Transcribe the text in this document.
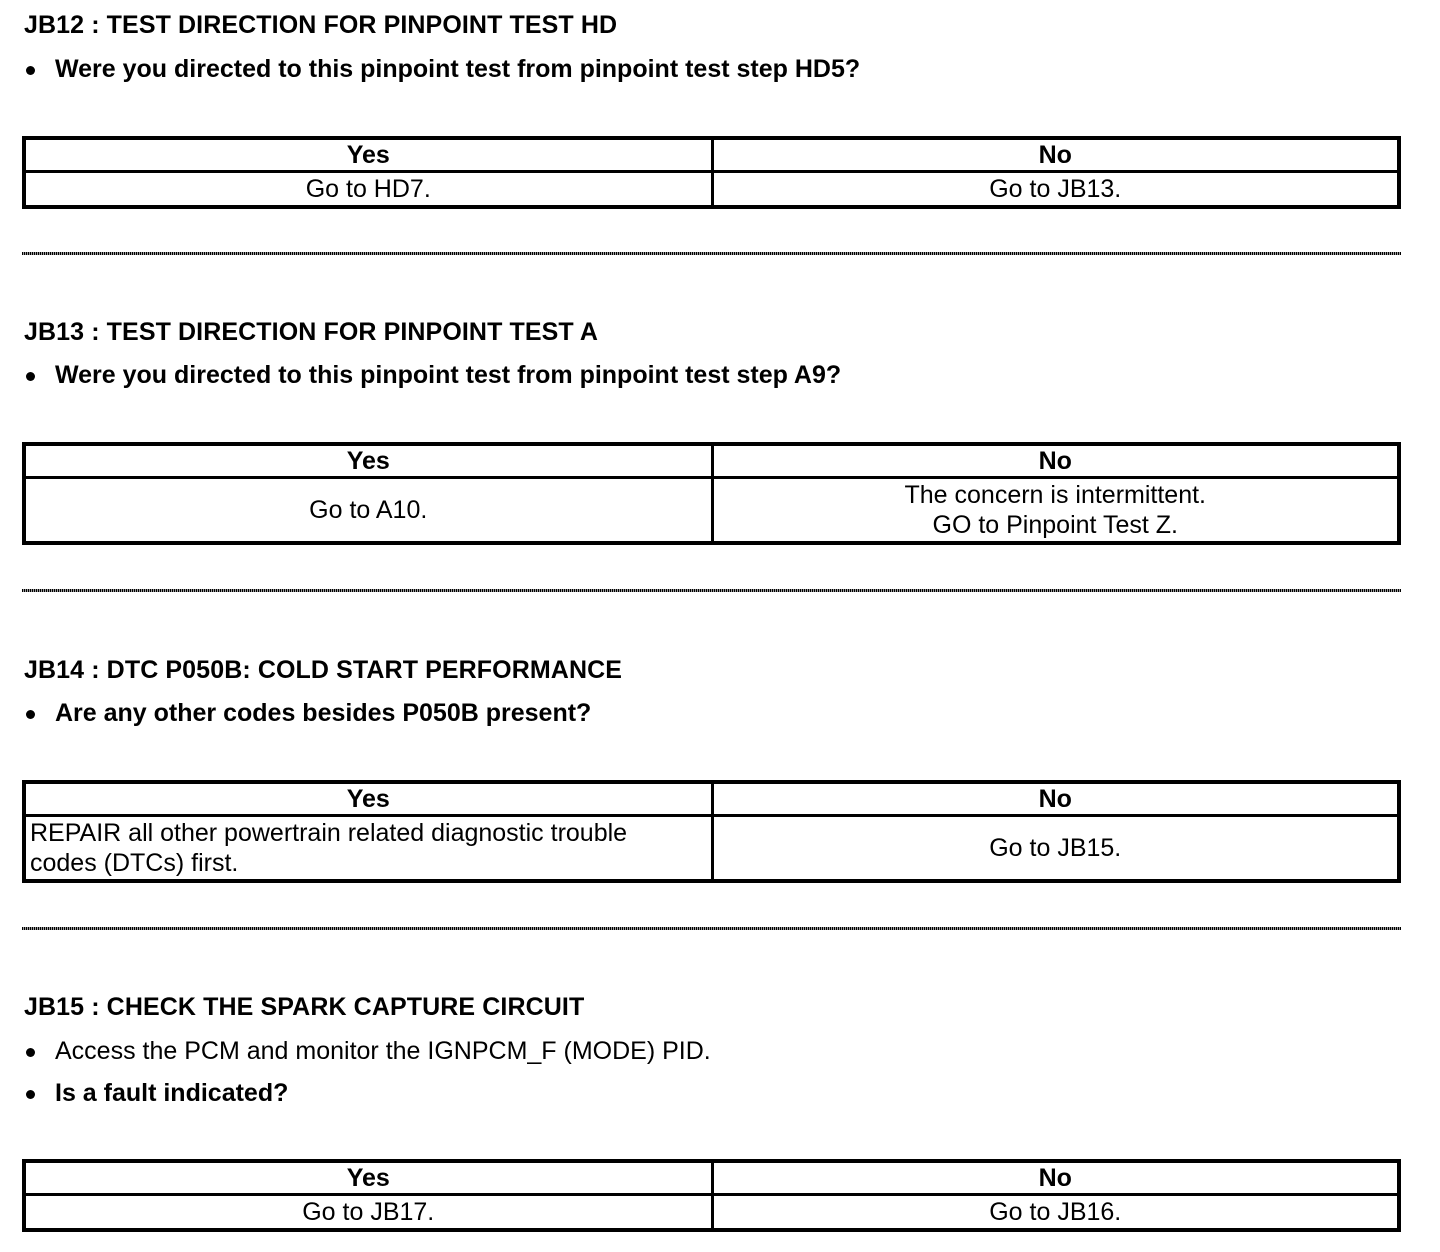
JB12 : TEST DIRECTION FOR PINPOINT TEST HD
Were you directed to this pinpoint test from pinpoint test step HD5?
Yes	No
Go to HD7.	Go to JB13.
JB13 : TEST DIRECTION FOR PINPOINT TEST A
Were you directed to this pinpoint test from pinpoint test step A9?
Yes	No
Go to A10.	The concern is intermittent.
GO to Pinpoint Test Z.
JB14 : DTC P050B: COLD START PERFORMANCE
Are any other codes besides P050B present?
Yes	No

REPAIR all other powertrain related diagnostic trouble
codes (DTCs) first.	Go to JB15.
JB15 : CHECK THE SPARK CAPTURE CIRCUIT
Access the PCM and monitor the IGNPCM_F (MODE) PID.
Is a fault indicated?
Yes	No
Go to JB17.	Go to JB16.
